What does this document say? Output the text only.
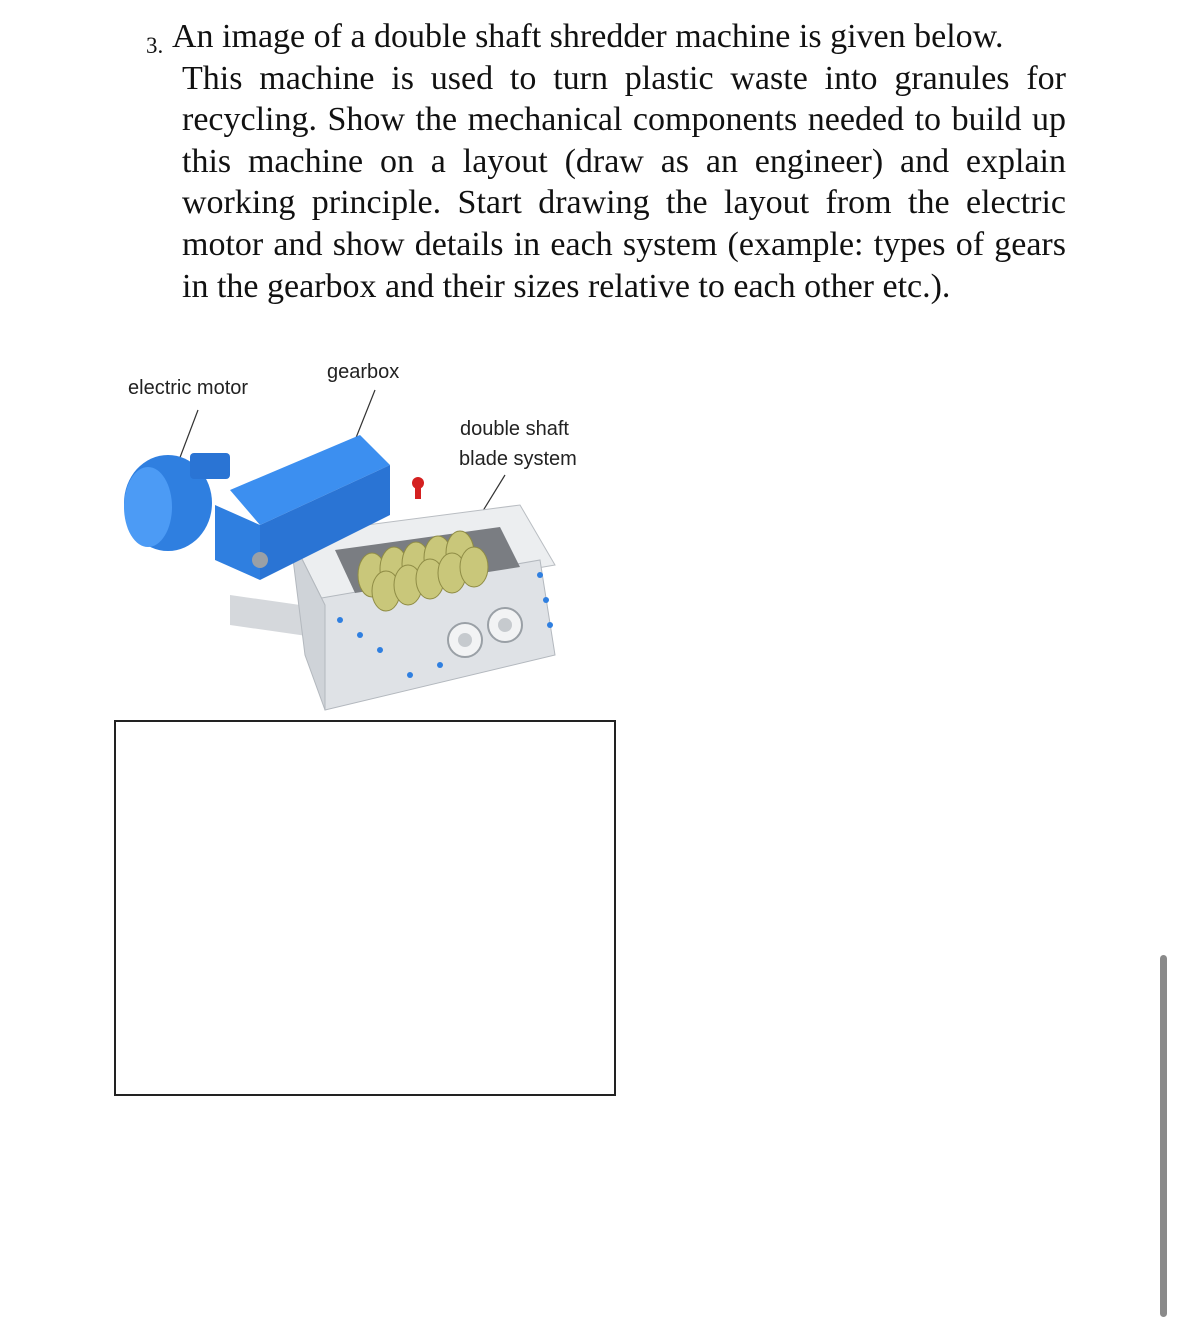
3. An image of a double shaft shredder machine is given below.
This machine is used to turn plastic waste into granules for recycling. Show the mechanical components needed to build up this machine on a layout (draw as an engineer) and explain working principle. Start drawing the layout from the electric motor and show details in each system (example: types of gears in the gearbox and their sizes relative to each other etc.).
electric motor
gearbox
double shaft
blade system
